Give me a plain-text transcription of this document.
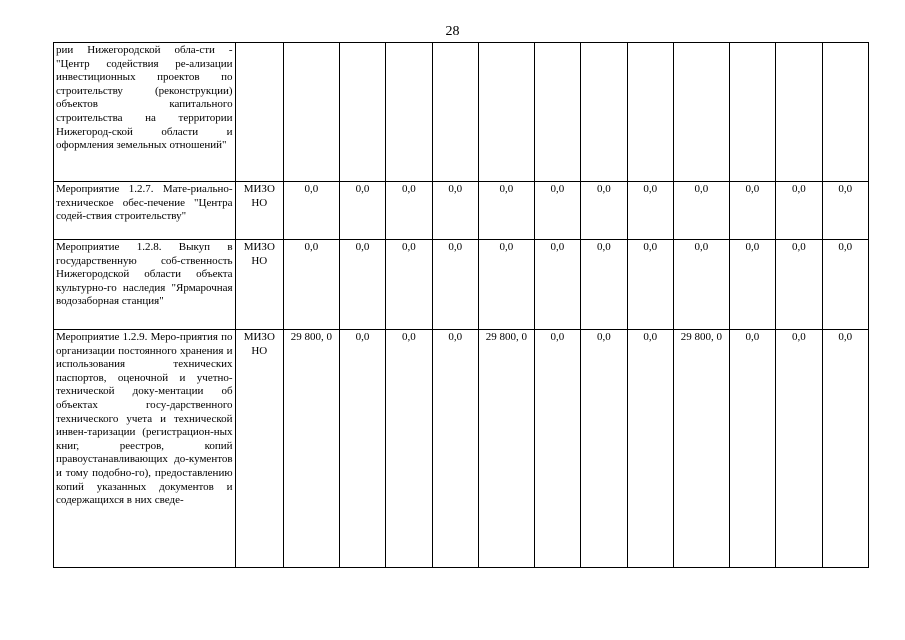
28
рии Нижегородской обла-сти - "Центр содействия ре-ализации инвестиционных проектов по строительству (реконструкции) объектов капитального строительства на территории Нижегород-ской области и оформления земельных отношений"													
Мероприятие 1.2.7. Мате-риально-техническое обес-печение "Центра содей-ствия строительству"	МИЗО НО	0,0	0,0	0,0	0,0	0,0	0,0	0,0	0,0	0,0	0,0	0,0	0,0
Мероприятие 1.2.8. Выкуп в государственную соб-ственность Нижегородской области объекта культурно-го наследия "Ярмарочная водозаборная станция"	МИЗО НО	0,0	0,0	0,0	0,0	0,0	0,0	0,0	0,0	0,0	0,0	0,0	0,0
Мероприятие 1.2.9. Меро-приятия по организации постоянного хранения и использования технических паспортов, оценочной и учетно-технической доку-ментации об объектах госу-дарственного технического учета и технической инвен-таризации (регистрацион-ных книг, реестров, копий правоустанавливающих до-кументов и тому подобно-го), предоставлению копий указанных документов и содержащихся в них сведе-	МИЗО НО	29 800, 0	0,0	0,0	0,0	29 800, 0	0,0	0,0	0,0	29 800, 0	0,0	0,0	0,0
